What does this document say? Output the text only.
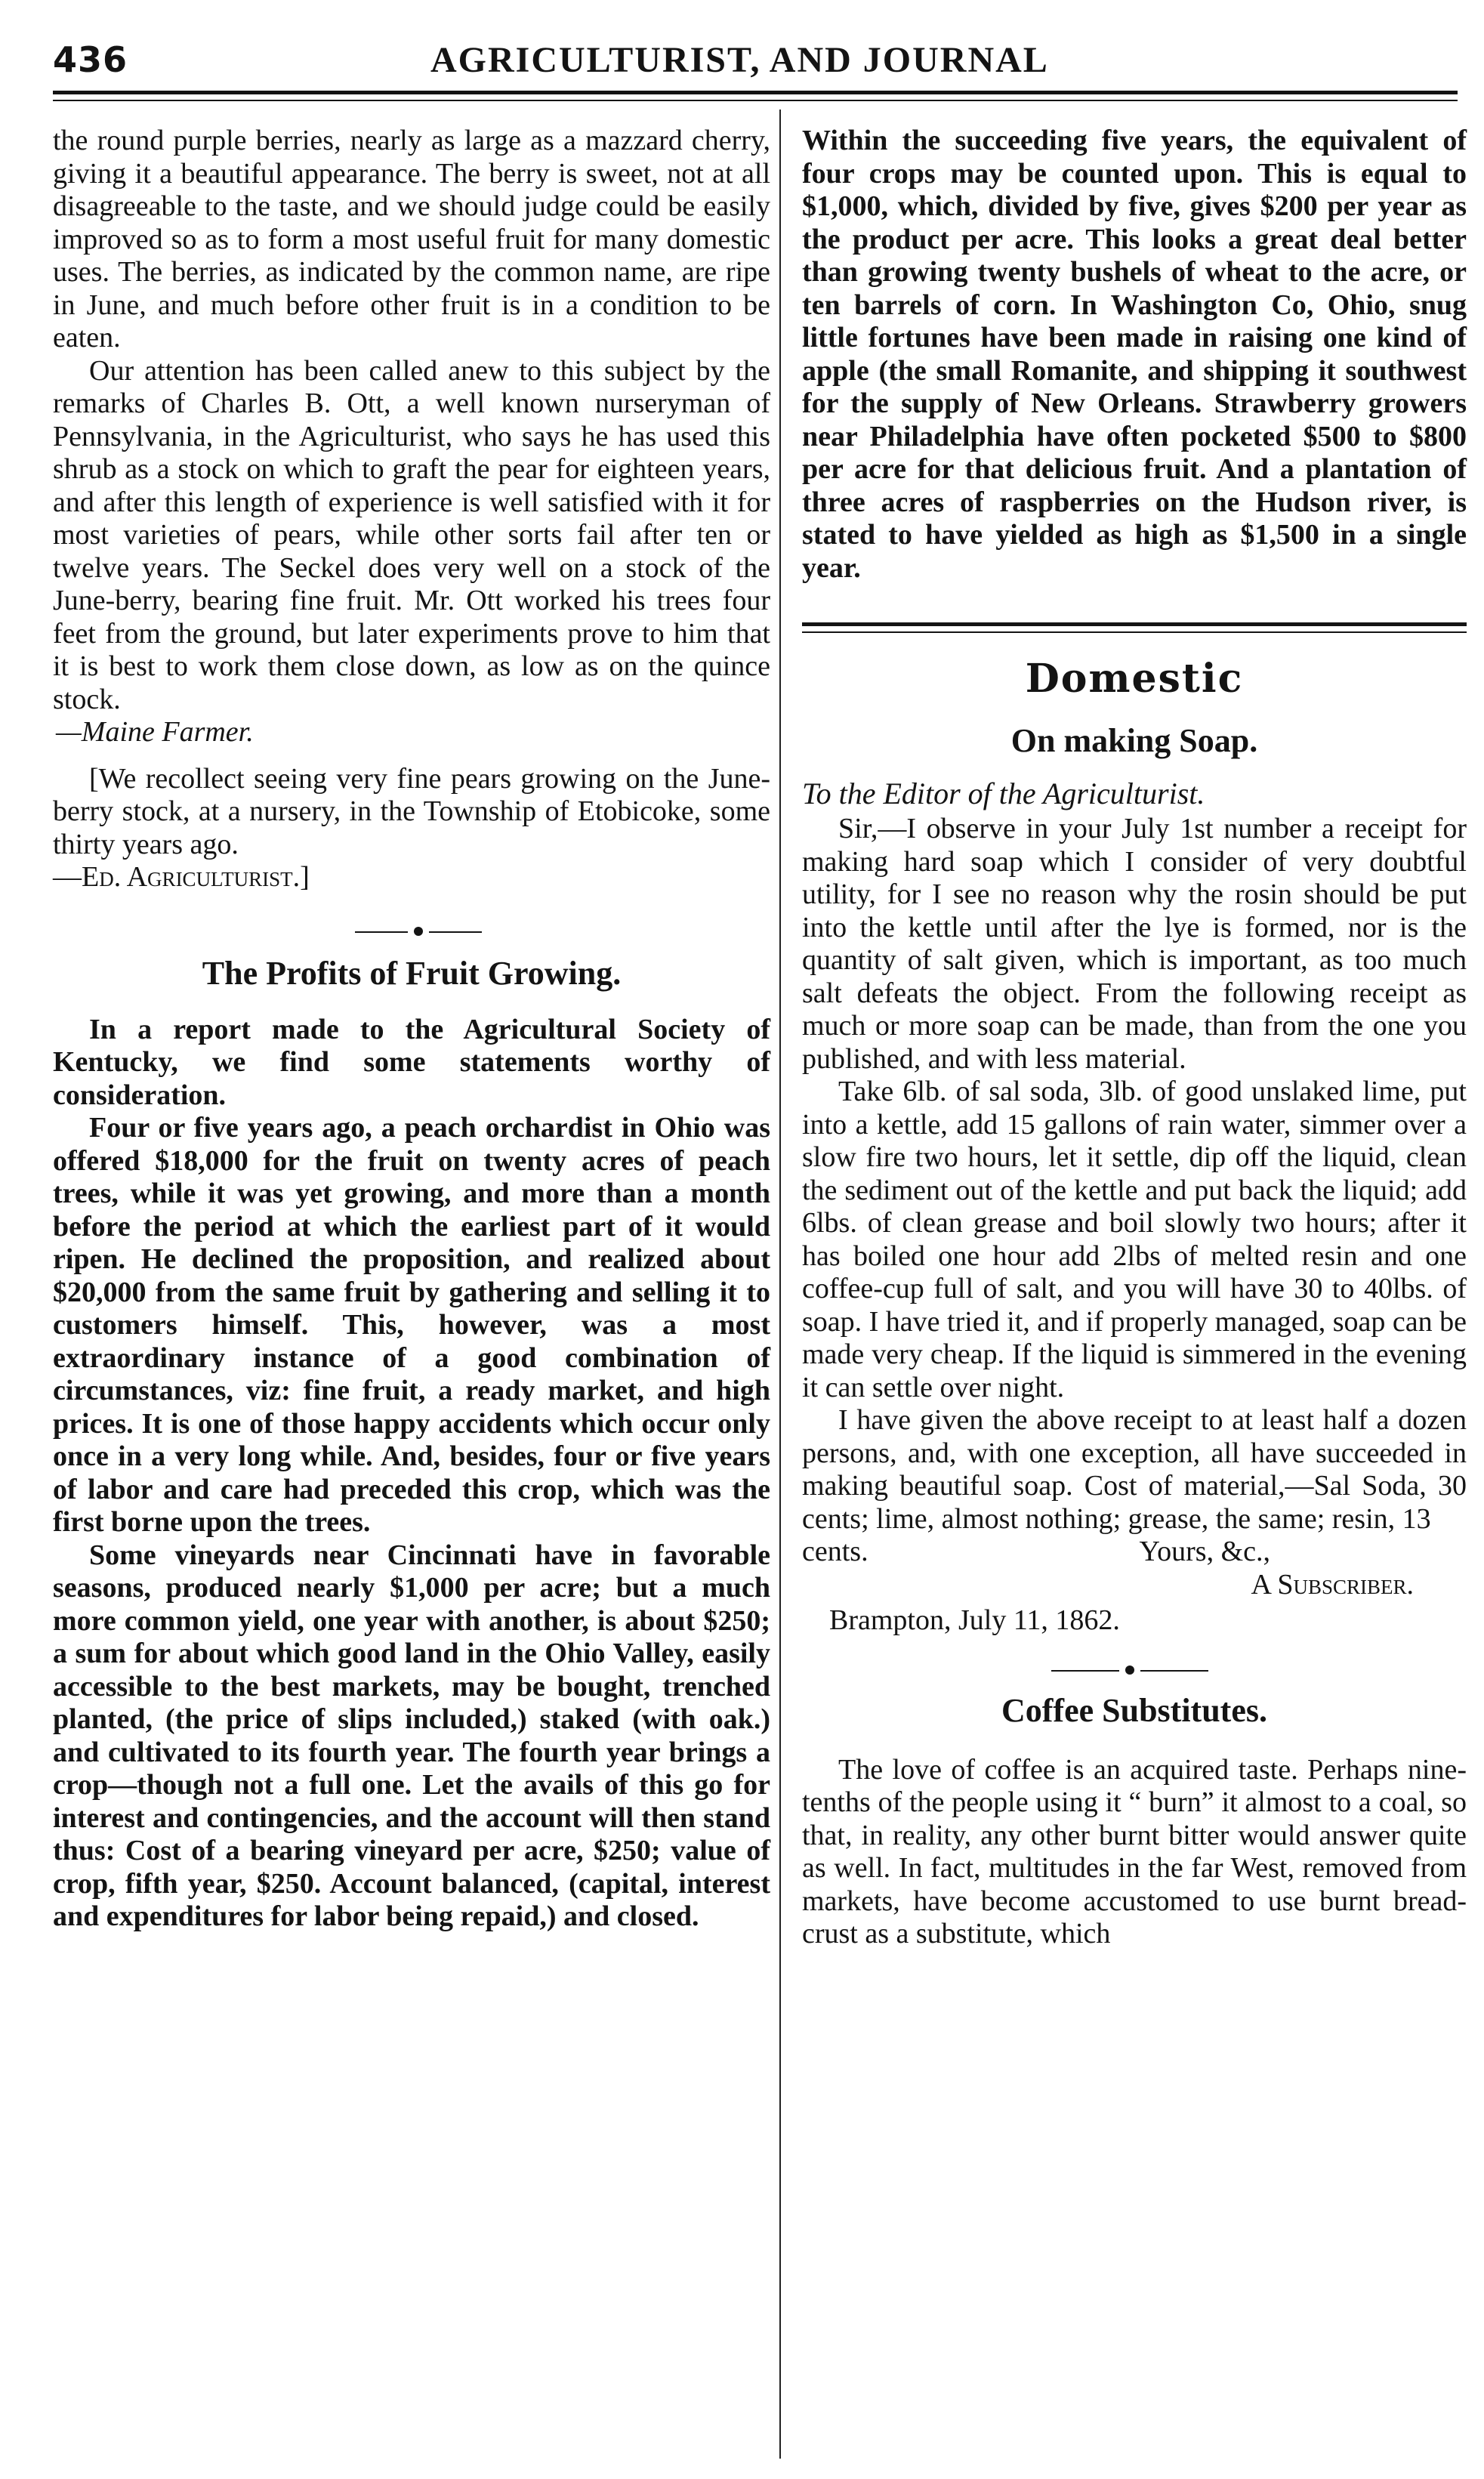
436	AGRICULTURIST, AND JOURNAL

the round purple berries, nearly as large as a mazzard cherry, giving it a beautiful appearance. The berry is sweet, not at all disagreeable to the taste, and we should judge could be easily improved so as to form a most useful fruit for many domestic uses. The berries, as indicated by the common name, are ripe in June, and much before other fruit is in a condition to be eaten.

Our attention has been called anew to this subject by the remarks of Charles B. Ott, a well known nurseryman of Pennsylvania, in the Agriculturist, who says he has used this shrub as a stock on which to graft the pear for eighteen years, and after this length of experience is well satisfied with it for most varieties of pears, while other sorts fail after ten or twelve years. The Seckel does very well on a stock of the June-berry, bearing fine fruit. Mr. Ott worked his trees four feet from the ground, but later experiments prove to him that it is best to work them close down, as low as on the quince stock.

—Maine Farmer.

[We recollect seeing very fine pears growing on the June-berry stock, at a nursery, in the Township of Etobicoke, some thirty years ago.

—Ed. Agriculturist.]
The Profits of Fruit Growing.

In a report made to the Agricultural Society of Kentucky, we find some statements worthy of consideration.

Four or five years ago, a peach orchardist in Ohio was offered $18,000 for the fruit on twenty acres of peach trees, while it was yet growing, and more than a month before the period at which the earliest part of it would ripen. He declined the proposition, and realized about $20,000 from the same fruit by gathering and selling it to customers himself. This, however, was a most extraordinary instance of a good combination of circumstances, viz: fine fruit, a ready market, and high prices. It is one of those happy accidents which occur only once in a very long while. And, besides, four or five years of labor and care had preceded this crop, which was the first borne upon the trees.

Some vineyards near Cincinnati have in favorable seasons, produced nearly $1,000 per acre; but a much more common yield, one year with another, is about $250; a sum for about which good land in the Ohio Valley, easily accessible to the best markets, may be bought, trenched planted, (the price of slips included,) staked (with oak.) and cultivated to its fourth year. The fourth year brings a crop—though not a full one. Let the avails of this go for interest and contingencies, and the account will then stand thus: Cost of a bearing vineyard per acre, $250; value of crop, fifth year, $250. Account balanced, (capital, interest and expenditures for labor being repaid,) and closed.

Within the succeeding five years, the equivalent of four crops may be counted upon. This is equal to $1,000, which, divided by five, gives $200 per year as the product per acre. This looks a great deal better than growing twenty bushels of wheat to the acre, or ten barrels of corn. In Washington Co, Ohio, snug little fortunes have been made in raising one kind of apple (the small Romanite, and shipping it southwest for the supply of New Orleans. Strawberry growers near Philadelphia have often pocketed $500 to $800 per acre for that delicious fruit. And a plantation of three acres of raspberries on the Hudson river, is stated to have yielded as high as $1,500 in a single year.

Domestic
On making Soap.
To the Editor of the Agriculturist.

Sir,—I observe in your July 1st number a receipt for making hard soap which I consider of very doubtful utility, for I see no reason why the rosin should be put into the kettle until after the lye is formed, nor is the quantity of salt given, which is important, as too much salt defeats the object. From the following receipt as much or more soap can be made, than from the one you published, and with less material.

Take 6lb. of sal soda, 3lb. of good unslaked lime, put into a kettle, add 15 gallons of rain water, simmer over a slow fire two hours, let it settle, dip off the liquid, clean the sediment out of the kettle and put back the liquid; add 6lbs. of clean grease and boil slowly two hours; after it has boiled one hour add 2lbs of melted resin and one coffee-cup full of salt, and you will have 30 to 40lbs. of soap. I have tried it, and if properly managed, soap can be made very cheap. If the liquid is simmered in the evening it can settle over night.

I have given the above receipt to at least half a dozen persons, and, with one exception, all have succeeded in making beautiful soap. Cost of material,—Sal Soda, 30 cents; lime, almost nothing; grease, the same; resin, 13

cents.	Yours, &c.,
A Subscriber.
Brampton, July 11, 1862.
Coffee Substitutes.

The love of coffee is an acquired taste. Perhaps nine-tenths of the people using it “ burn” it almost to a coal, so that, in reality, any other burnt bitter would answer quite as well. In fact, multitudes in the far West, removed from markets, have become accustomed to use burnt bread-crust as a substitute, which
